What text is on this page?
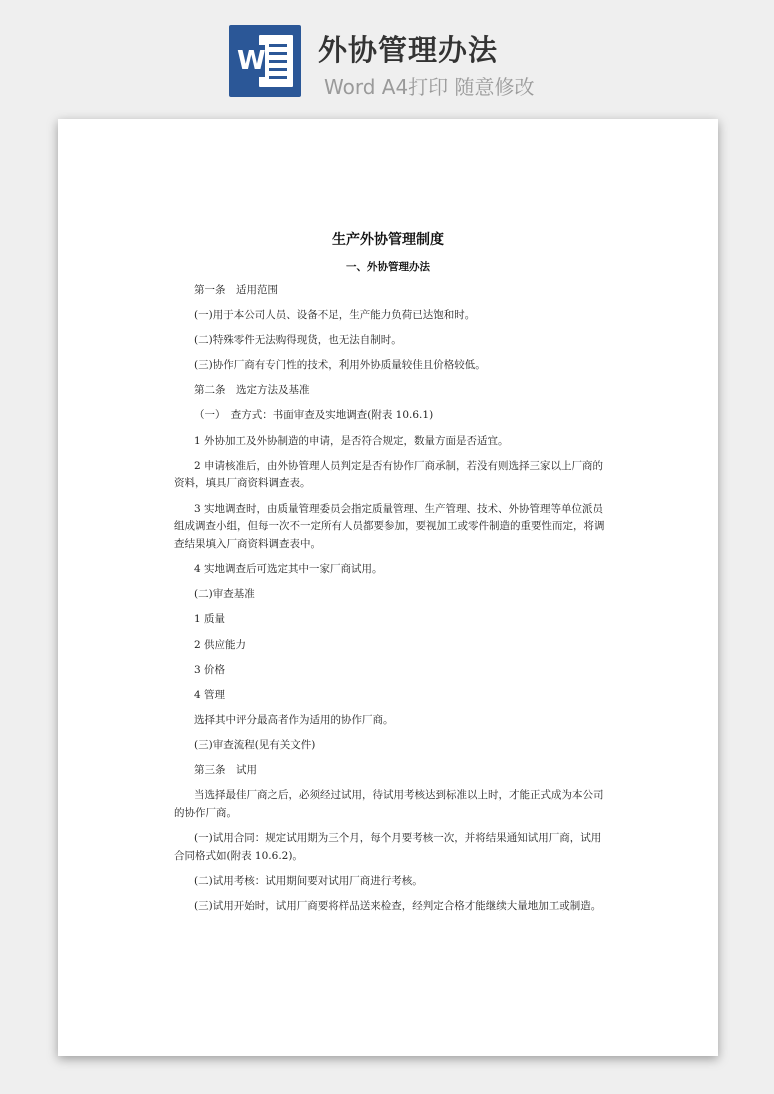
W 外协管理办法
Word A4打印 随意修改
生产外协管理制度
一、外协管理办法

第一条　适用范围

(一)用于本公司人员、设备不足，生产能力负荷已达饱和时。

(二)特殊零件无法购得现货，也无法自制时。

(三)协作厂商有专门性的技术，利用外协质量较佳且价格较低。

第二条　选定方法及基准

（一）　查方式：书面审查及实地调查(附表 10.6.1)

1 外协加工及外协制造的申请，是否符合规定，数量方面是否适宜。

2 申请核准后，由外协管理人员判定是否有协作厂商承制，若没有则选择三家以上厂商的资料，填具厂商资料调查表。

3 实地调查时，由质量管理委员会指定质量管理、生产管理、技术、外协管理等单位派员组成调查小组，但每一次不一定所有人员都要参加，要视加工或零件制造的重要性而定，将调查结果填入厂商资料调查表中。

4 实地调查后可选定其中一家厂商试用。

(二)审查基准

1 质量

2 供应能力

3 价格

4 管理

选择其中评分最高者作为适用的协作厂商。

(三)审查流程(见有关文件)

第三条　试用

当选择最佳厂商之后，必须经过试用，待试用考核达到标准以上时，才能正式成为本公司的协作厂商。

(一)试用合同：规定试用期为三个月，每个月要考核一次，并将结果通知试用厂商，试用合同格式如(附表 10.6.2)。

(二)试用考核：试用期间要对试用厂商进行考核。

(三)试用开始时，试用厂商要将样品送来检查，经判定合格才能继续大量地加工或制造。
